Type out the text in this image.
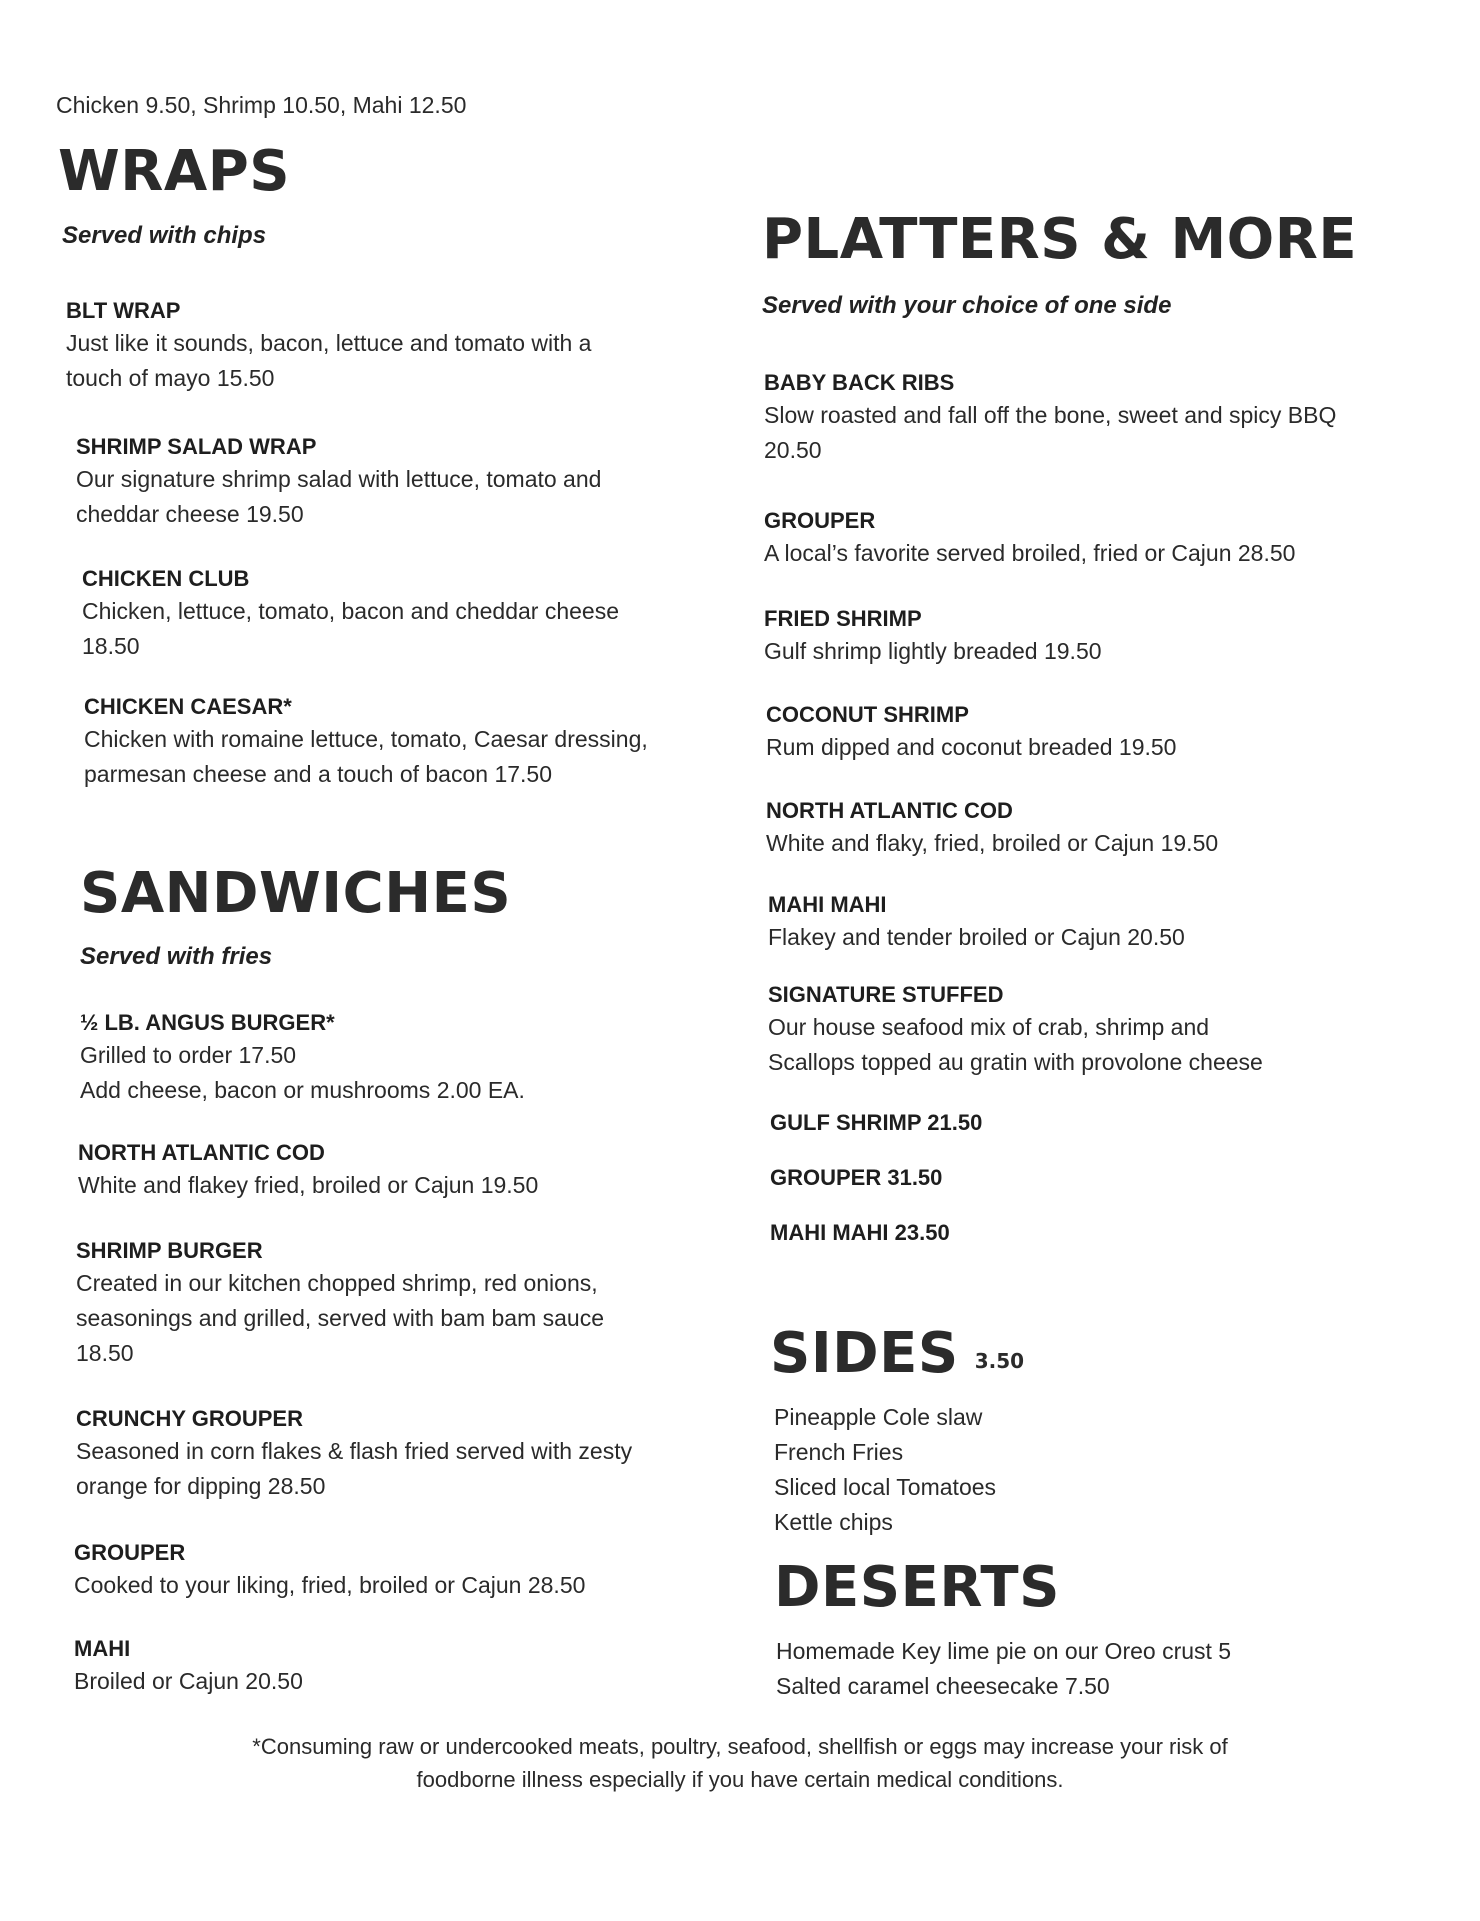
Chicken 9.50, Shrimp 10.50, Mahi 12.50
WRAPS
Served with chips
BLT WRAP
Just like it sounds, bacon, lettuce and tomato with a
touch of mayo 15.50
SHRIMP SALAD WRAP
Our signature shrimp salad with lettuce, tomato and
cheddar cheese 19.50
CHICKEN CLUB
Chicken, lettuce, tomato, bacon and cheddar cheese
18.50
CHICKEN CAESAR*
Chicken with romaine lettuce, tomato, Caesar dressing,
parmesan cheese and a touch of bacon 17.50
SANDWICHES
Served with fries
½ LB. ANGUS BURGER*
Grilled to order 17.50
Add cheese, bacon or mushrooms 2.00 EA.
NORTH ATLANTIC COD
White and flakey fried, broiled or Cajun 19.50
SHRIMP BURGER
Created in our kitchen chopped shrimp, red onions,
seasonings and grilled, served with bam bam sauce
18.50
CRUNCHY GROUPER
Seasoned in corn flakes & flash fried served with zesty
orange for dipping 28.50
GROUPER
Cooked to your liking, fried, broiled or Cajun 28.50
MAHI
Broiled or Cajun 20.50
PLATTERS & MORE
Served with your choice of one side
BABY BACK RIBS
Slow roasted and fall off the bone, sweet and spicy BBQ
20.50
GROUPER
A local’s favorite served broiled, fried or Cajun 28.50
FRIED SHRIMP
Gulf shrimp lightly breaded 19.50
COCONUT SHRIMP
Rum dipped and coconut breaded 19.50
NORTH ATLANTIC COD
White and flaky, fried, broiled or Cajun 19.50
MAHI MAHI
Flakey and tender broiled or Cajun 20.50
SIGNATURE STUFFED
Our house seafood mix of crab, shrimp and
Scallops topped au gratin with provolone cheese
GULF SHRIMP 21.50
GROUPER 31.50
MAHI MAHI 23.50
SIDES 3.50
Pineapple Cole slaw
French Fries
Sliced local Tomatoes
Kettle chips
DESERTS
Homemade Key lime pie on our Oreo crust 5
Salted caramel cheesecake 7.50
*Consuming raw or undercooked meats, poultry, seafood, shellfish or eggs may increase your risk of
foodborne illness especially if you have certain medical conditions.
